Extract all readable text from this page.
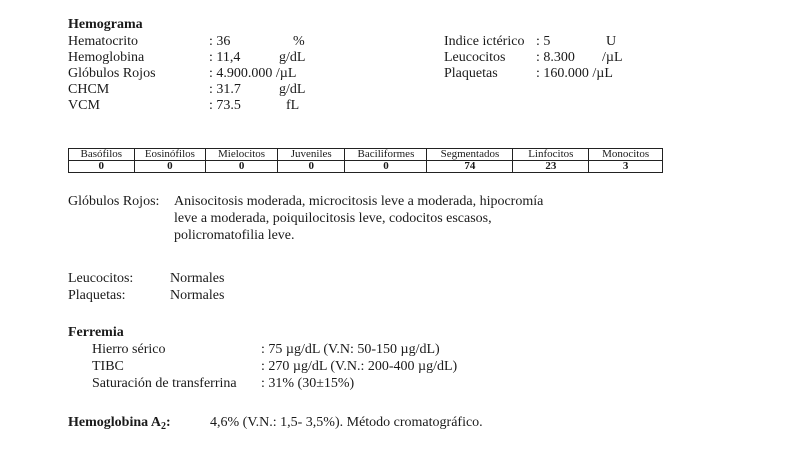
Hemograma
Hematocrito	: 36	%
Hemoglobina	: 11,4	g/dL
Glóbulos Rojos	: 4.900.000 /µL
CHCM	: 31.7	g/dL
VCM	: 73.5	fL
Indice ictérico : 5	U
Leucocitos : 8.300 /µL
Plaquetas	: 160.000 /µL
Basófilos	Eosinófilos	Mielocitos	Juveniles	Baciliformes	Segmentados	Linfocitos	Monocitos
0	0	0	0	0	74	23	3
Glóbulos Rojos: Anisocitosis moderada, microcitosis leve a moderada, hipocromía
leve a moderada, poiquilocitosis leve, codocitos escasos,
policromatofilia leve.
Leucocitos:	Normales
Plaquetas:	Normales
Ferremia
Hierro sérico	: 75 µg/dL (V.N: 50-150 µg/dL)
TIBC	: 270 µg/dL (V.N.: 200-400 µg/dL)
Saturación de transferrina : 31% (30±15%)
Hemoglobina $A_2$:	4,6% (V.N.: 1,5- 3,5%). Método cromatográfico.
